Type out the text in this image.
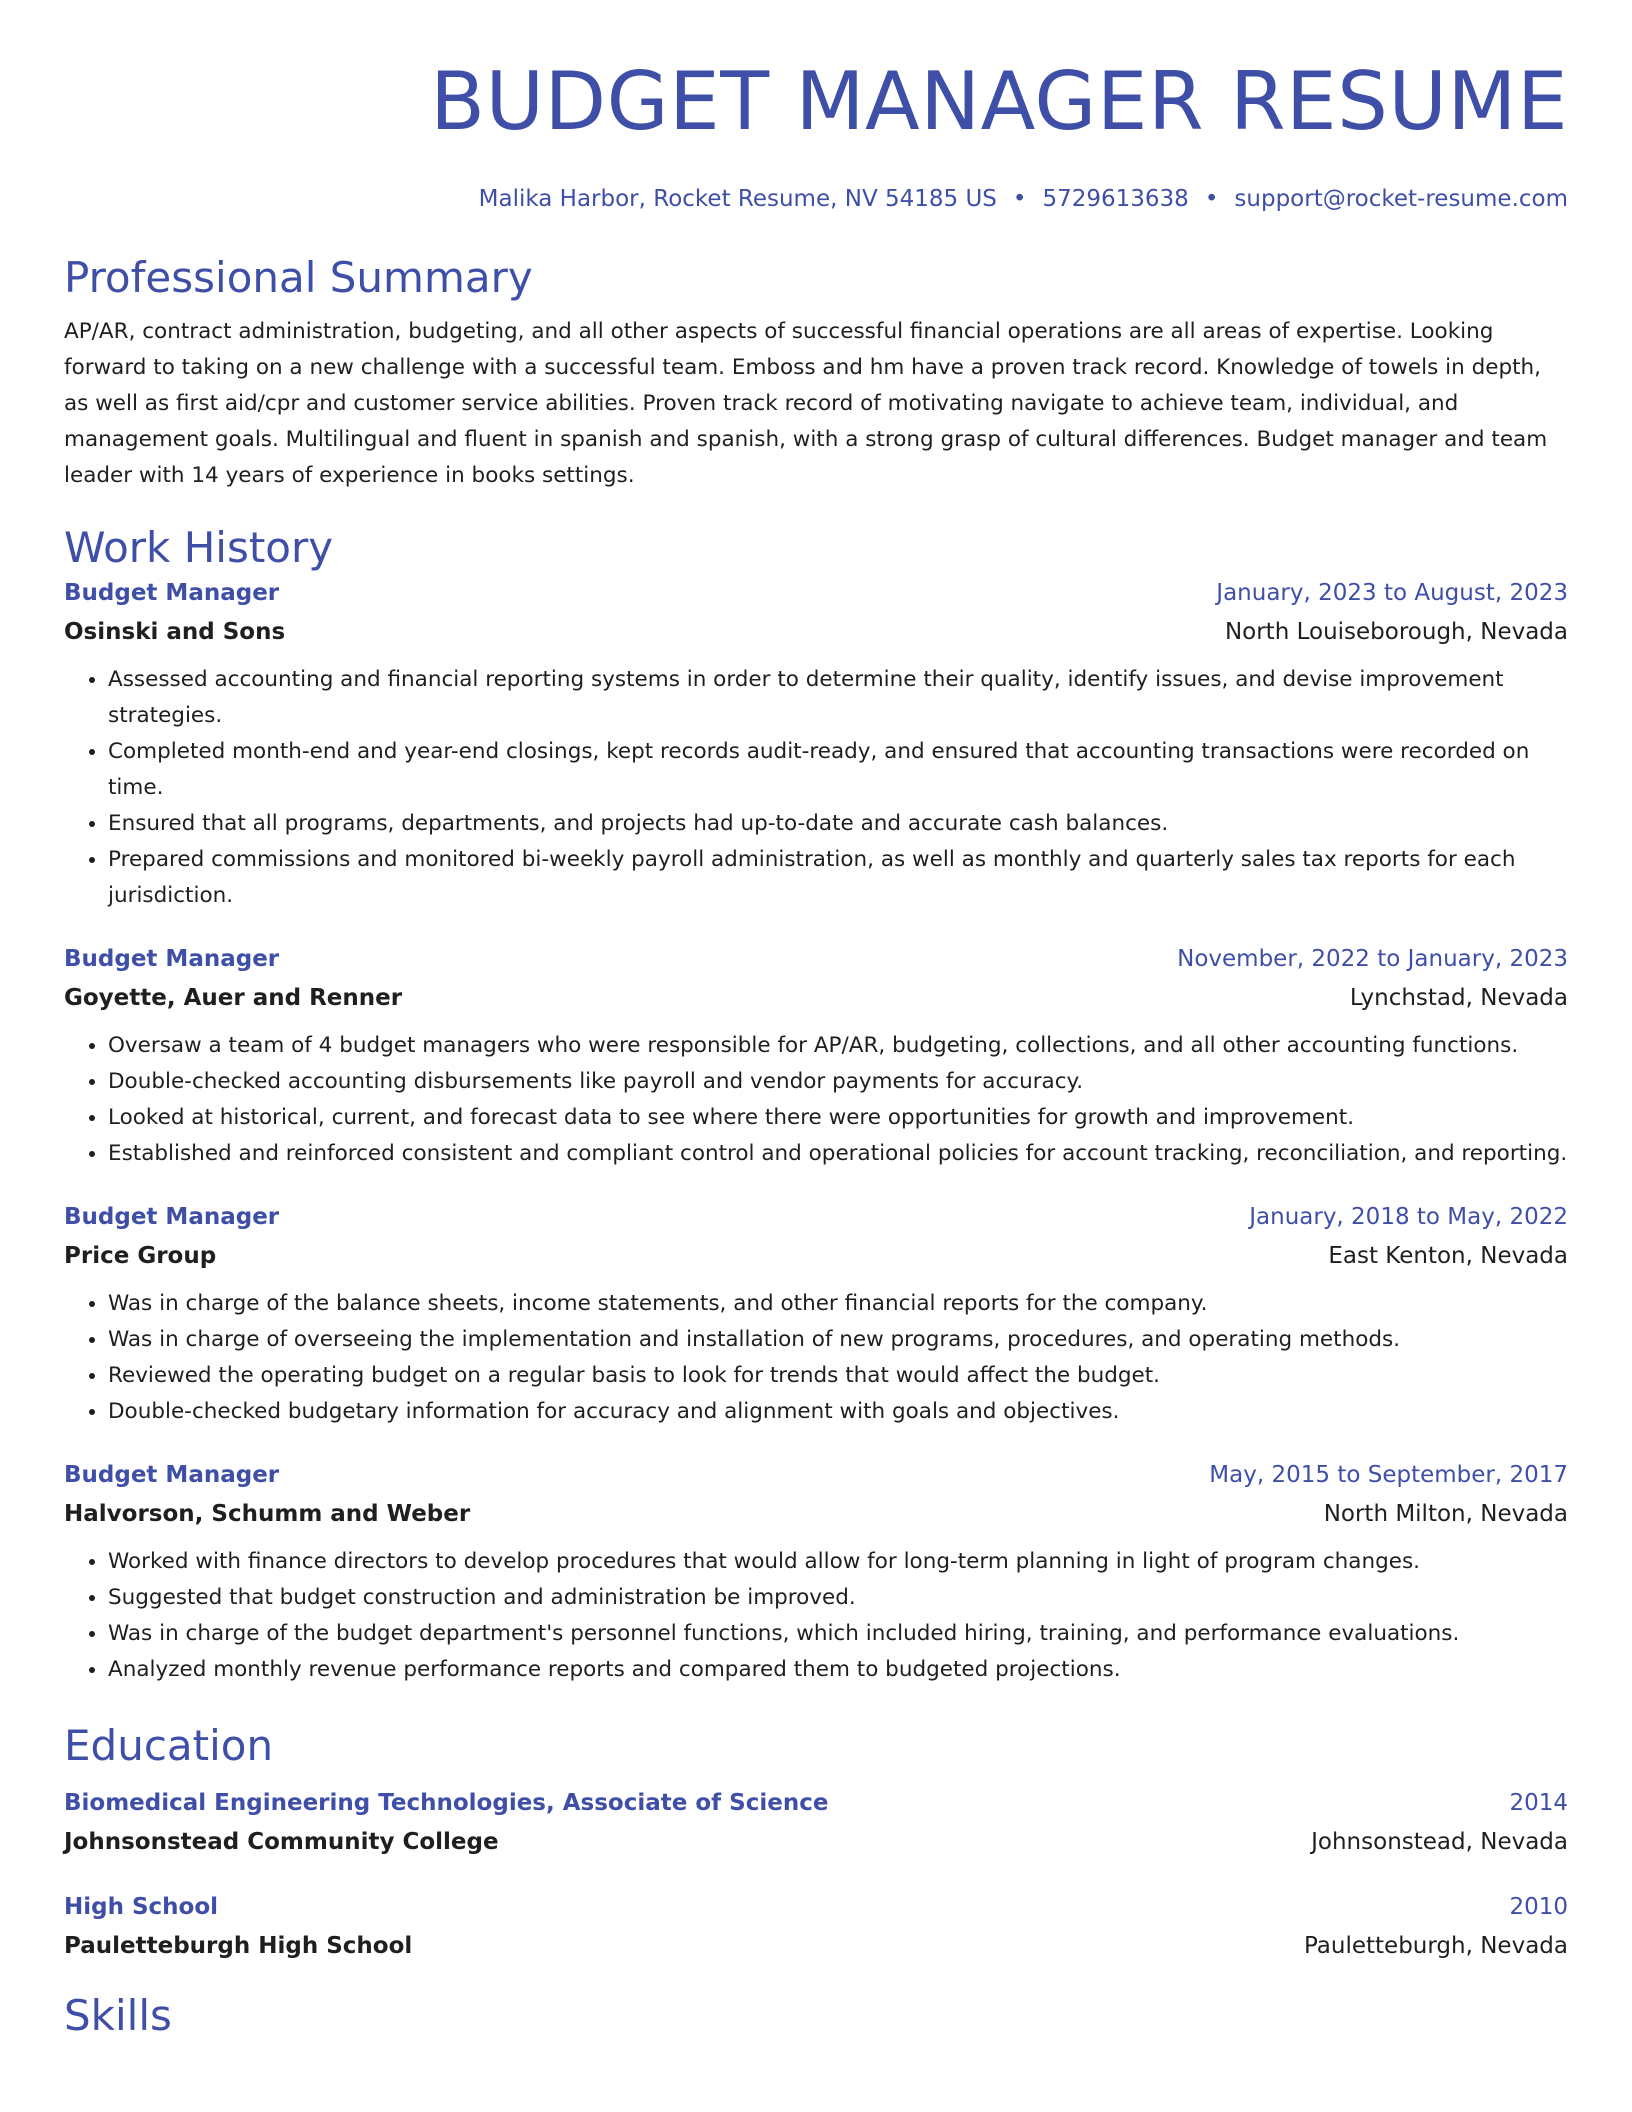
BUDGET MANAGER RESUME
Malika Harbor, Rocket Resume, NV 54185 US • 5729613638 • support@rocket-resume.com
Professional Summary
AP/AR, contract administration, budgeting, and all other aspects of successful financial operations are all areas of expertise. Looking forward to taking on a new challenge with a successful team. Emboss and hm have a proven track record. Knowledge of towels in depth, as well as first aid/cpr and customer service abilities. Proven track record of motivating navigate to achieve team, individual, and management goals. Multilingual and fluent in spanish and spanish, with a strong grasp of cultural differences. Budget manager and team leader with 14 years of experience in books settings.
Work History
Budget Manager	January, 2023 to August, 2023
Osinski and Sons	North Louiseborough, Nevada
• Assessed accounting and financial reporting systems in order to determine their quality, identify issues, and devise improvement strategies.
• Completed month-end and year-end closings, kept records audit-ready, and ensured that accounting transactions were recorded on time.
• Ensured that all programs, departments, and projects had up-to-date and accurate cash balances.
• Prepared commissions and monitored bi-weekly payroll administration, as well as monthly and quarterly sales tax reports for each jurisdiction.
Budget Manager	November, 2022 to January, 2023
Goyette, Auer and Renner	Lynchstad, Nevada
• Oversaw a team of 4 budget managers who were responsible for AP/AR, budgeting, collections, and all other accounting functions.
• Double-checked accounting disbursements like payroll and vendor payments for accuracy.
• Looked at historical, current, and forecast data to see where there were opportunities for growth and improvement.
• Established and reinforced consistent and compliant control and operational policies for account tracking, reconciliation, and reporting.
Budget Manager	January, 2018 to May, 2022
Price Group	East Kenton, Nevada
• Was in charge of the balance sheets, income statements, and other financial reports for the company.
• Was in charge of overseeing the implementation and installation of new programs, procedures, and operating methods.
• Reviewed the operating budget on a regular basis to look for trends that would affect the budget.
• Double-checked budgetary information for accuracy and alignment with goals and objectives.
Budget Manager	May, 2015 to September, 2017
Halvorson, Schumm and Weber	North Milton, Nevada
• Worked with finance directors to develop procedures that would allow for long-term planning in light of program changes.
• Suggested that budget construction and administration be improved.
• Was in charge of the budget department's personnel functions, which included hiring, training, and performance evaluations.
• Analyzed monthly revenue performance reports and compared them to budgeted projections.
Education
Biomedical Engineering Technologies, Associate of Science	2014
Johnsonstead Community College	Johnsonstead, Nevada
High School	2010
Pauletteburgh High School	Pauletteburgh, Nevada
Skills
